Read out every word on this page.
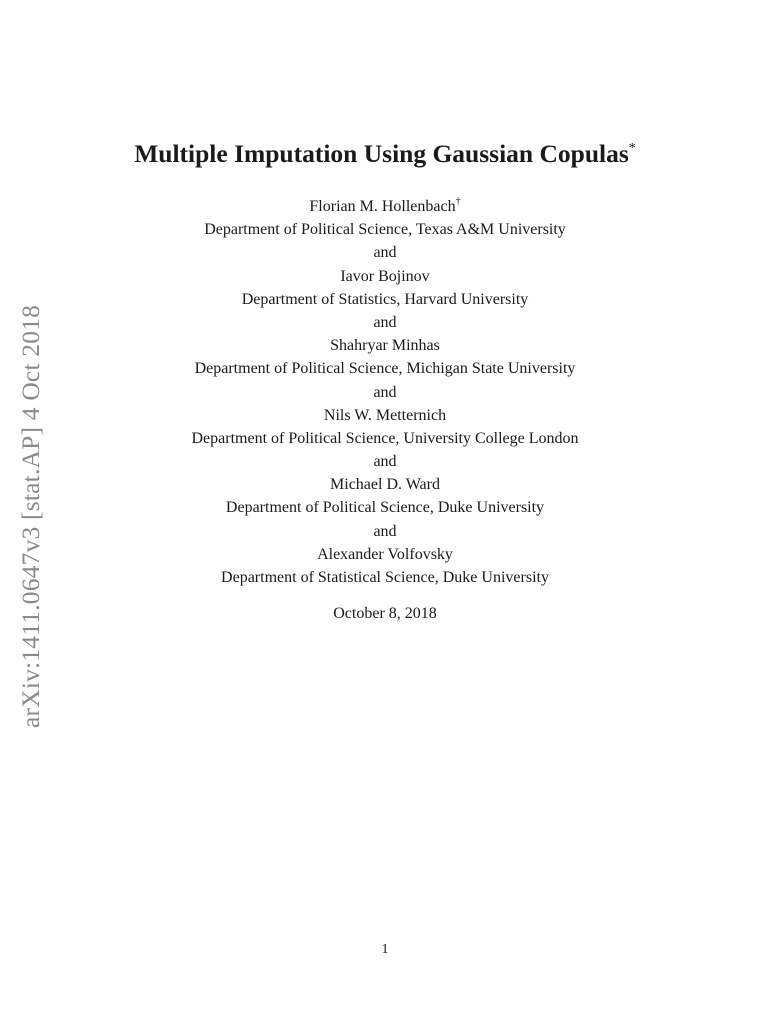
arXiv:1411.0647v3 [stat.AP] 4 Oct 2018
Multiple Imputation Using Gaussian Copulas*
Florian M. Hollenbach†
Department of Political Science, Texas A&M University
and
Iavor Bojinov
Department of Statistics, Harvard University
and
Shahryar Minhas
Department of Political Science, Michigan State University
and
Nils W. Metternich
Department of Political Science, University College London
and
Michael D. Ward
Department of Political Science, Duke University
and
Alexander Volfovsky
Department of Statistical Science, Duke University
October 8, 2018
1
